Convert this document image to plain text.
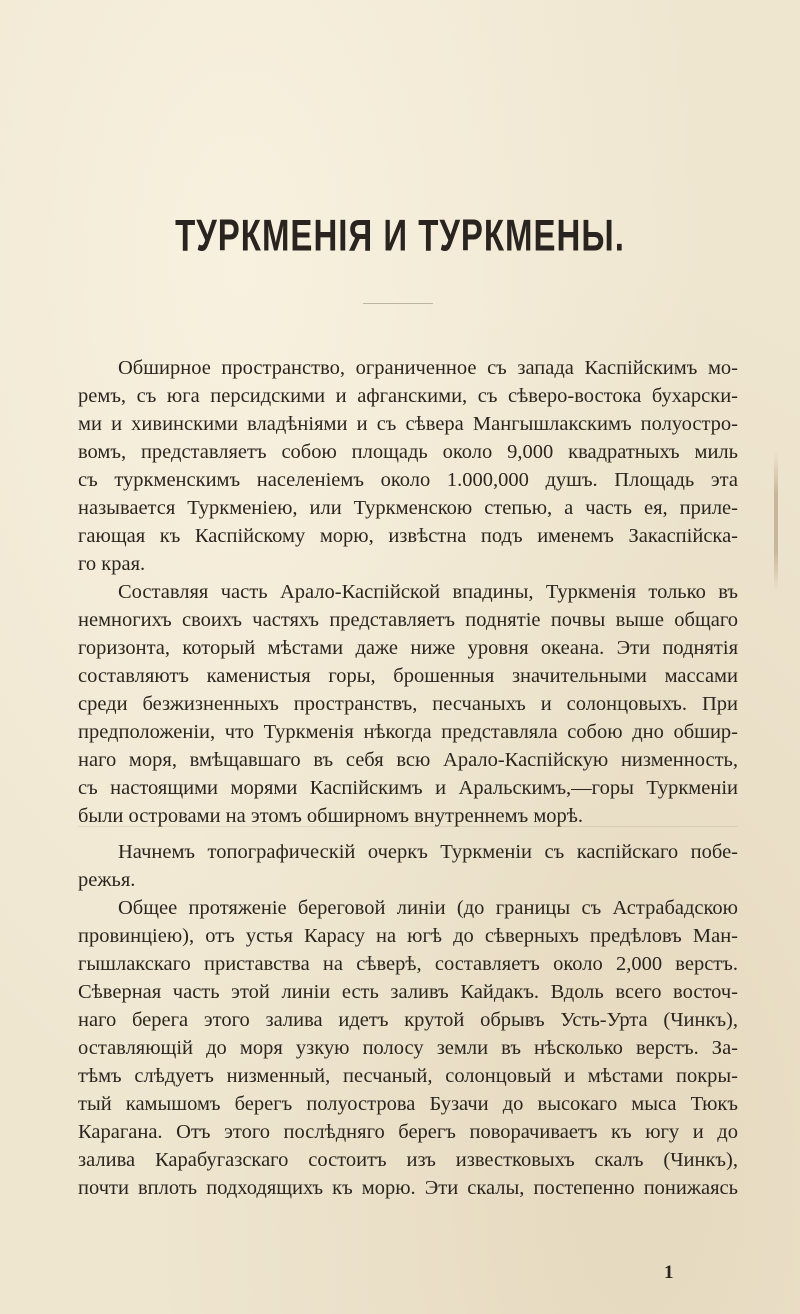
ТУРКМЕНІЯ И ТУРКМЕНЫ.
Обширное пространство, ограниченное съ запада Каспійскимъ мо-
ремъ, съ юга персидскими и афганскими, съ сѣверо-востока бухарски-
ми и хивинскими владѣніями и съ сѣвера Мангышлакскимъ полуостро-
вомъ, представляетъ собою площадь около 9,000 квадратныхъ миль
съ туркменскимъ населеніемъ около 1.000,000 душъ. Площадь эта
называется Туркменіею, или Туркменскою степью, а часть ея, приле-
гающая къ Каспійскому морю, извѣстна подъ именемъ Закаспійска-
го края.
Составляя часть Арало-Каспійской впадины, Туркменія только въ
немногихъ своихъ частяхъ представляетъ поднятіе почвы выше общаго
горизонта, который мѣстами даже ниже уровня океана. Эти поднятія
составляютъ каменистыя горы, брошенныя значительными массами
среди безжизненныхъ пространствъ, песчаныхъ и солонцовыхъ. При
предположеніи, что Туркменія нѣкогда представляла собою дно обшир-
наго моря, вмѣщавшаго въ себя всю Арало-Каспійскую низменность,
съ настоящими морями Каспійскимъ и Аральскимъ,—горы Туркменіи
были островами на этомъ обширномъ внутреннемъ морѣ.
Начнемъ топографическій очеркъ Туркменіи съ каспійскаго побе-
режья.
Общее протяженіе береговой линіи (до границы съ Астрабадскою
провинціею), отъ устья Карасу на югѣ до сѣверныхъ предѣловъ Ман-
гышлакскаго приставства на сѣверѣ, составляетъ около 2,000 верстъ.
Сѣверная часть этой линіи есть заливъ Кайдакъ. Вдоль всего восточ-
наго берега этого залива идетъ крутой обрывъ Усть-Урта (Чинкъ),
оставляющій до моря узкую полосу земли въ нѣсколько верстъ. За-
тѣмъ слѣдуетъ низменный, песчаный, солонцовый и мѣстами покры-
тый камышомъ берегъ полуострова Бузачи до высокаго мыса Тюкъ
Карагана. Отъ этого послѣдняго берегъ поворачиваетъ къ югу и до
залива Карабугазскаго состоитъ изъ известковыхъ скалъ (Чинкъ),
почти вплоть подходящихъ къ морю. Эти скалы, постепенно понижаясь
1
